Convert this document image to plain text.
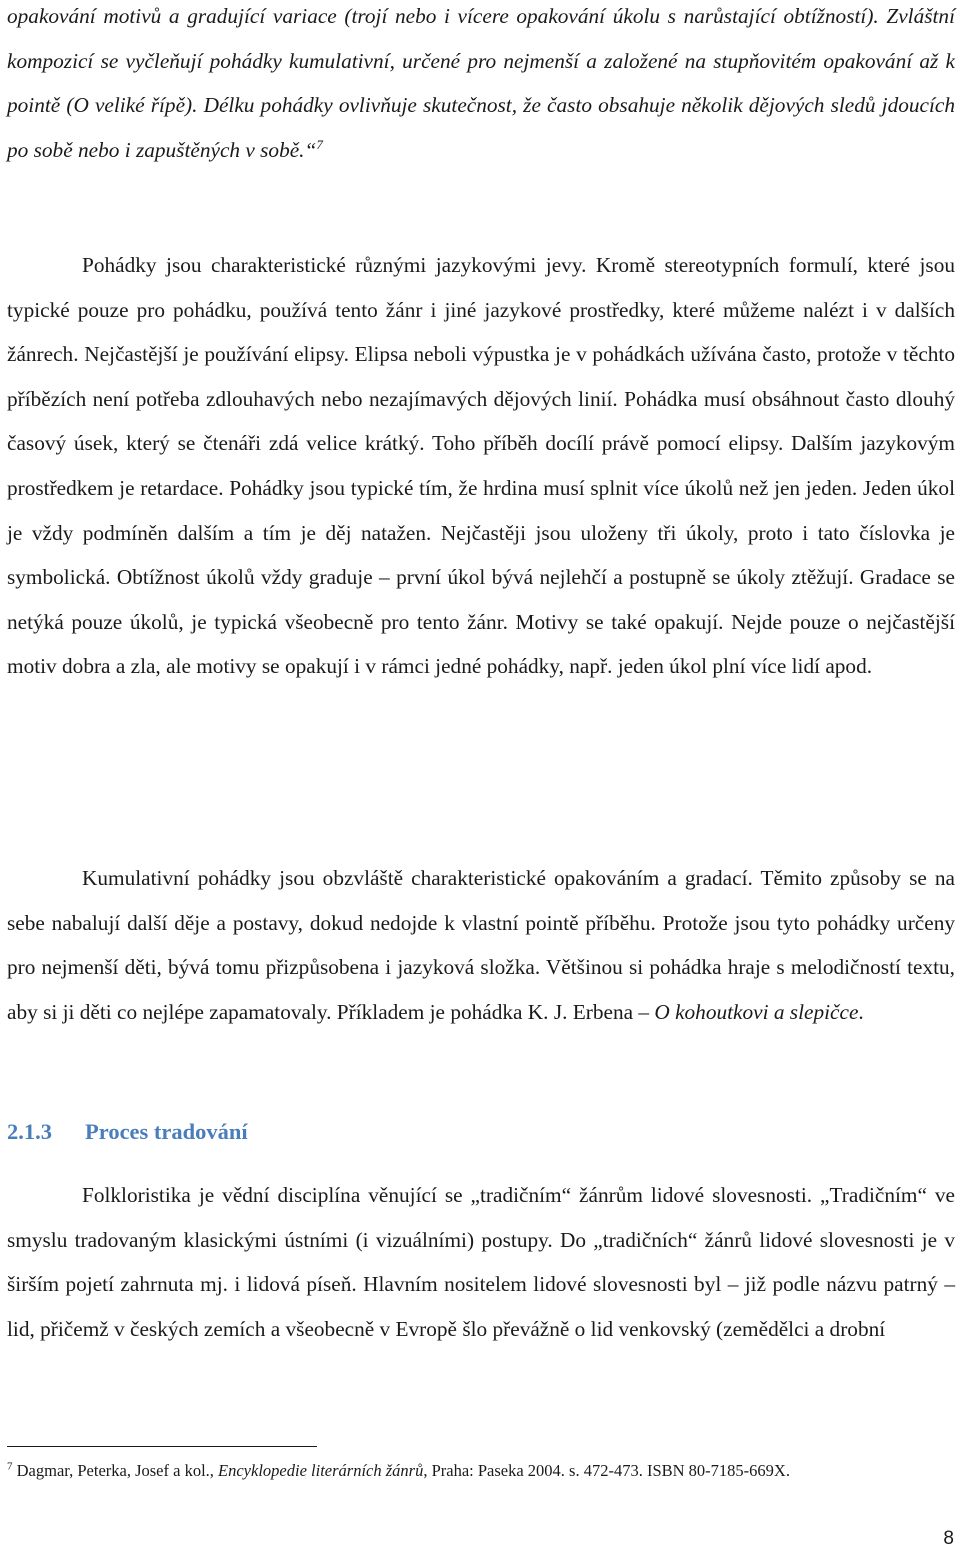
opakování motivů a gradující variace (trojí nebo i vícere opakování úkolu s narůstající obtížností). Zvláštní kompozicí se vyčleňují pohádky kumulativní, určené pro nejmenší a založené na stupňovitém opakování až k pointě (O veliké řípě). Délku pohádky ovlivňuje skutečnost, že často obsahuje několik dějových sledů jdoucích po sobě nebo i zapuštěných v sobě.“$^7$

Pohádky jsou charakteristické různými jazykovými jevy. Kromě stereotypních formulí, které jsou typické pouze pro pohádku, používá tento žánr i jiné jazykové prostředky, které můžeme nalézt i v dalších žánrech. Nejčastější je používání elipsy. Elipsa neboli výpustka je v pohádkách užívána často, protože v těchto příbězích není potřeba zdlouhavých nebo nezajímavých dějových linií. Pohádka musí obsáhnout často dlouhý časový úsek, který se čtenáři zdá velice krátký. Toho příběh docílí právě pomocí elipsy. Dalším jazykovým prostředkem je retardace. Pohádky jsou typické tím, že hrdina musí splnit více úkolů než jen jeden. Jeden úkol je vždy podmíněn dalším a tím je děj natažen. Nejčastěji jsou uloženy tři úkoly, proto i tato číslovka je symbolická. Obtížnost úkolů vždy graduje – první úkol bývá nejlehčí a postupně se úkoly ztěžují. Gradace se netýká pouze úkolů, je typická všeobecně pro tento žánr. Motivy se také opakují. Nejde pouze o nejčastější motiv dobra a zla, ale motivy se opakují i v rámci jedné pohádky, např. jeden úkol plní více lidí apod.

Kumulativní pohádky jsou obzvláště charakteristické opakováním a gradací. Těmito způsoby se na sebe nabalují další děje a postavy, dokud nedojde k vlastní pointě příběhu. Protože jsou tyto pohádky určeny pro nejmenší děti, bývá tomu přizpůsobena i jazyková složka. Většinou si pohádka hraje s melodičností textu, aby si ji děti co nejlépe zapamatovaly. Příkladem je pohádka K. J. Erbena – O kohoutkovi a slepičce.

2.1.3 Proces tradování

Folkloristika je vědní disciplína věnující se „tradičním“ žánrům lidové slovesnosti. „Tradičním“ ve smyslu tradovaným klasickými ústními (i vizuálními) postupy. Do „tradičních“ žánrů lidové slovesnosti je v širším pojetí zahrnuta mj. i lidová píseň. Hlavním nositelem lidové slovesnosti byl – již podle názvu patrný – lid, přičemž v českých zemích a všeobecně v Evropě šlo převážně o lid venkovský (zemědělci a drobní

$^7$ Dagmar, Peterka, Josef a kol., Encyklopedie literárních žánrů, Praha: Paseka 2004. s. 472-473. ISBN 80-7185-669X.

8
